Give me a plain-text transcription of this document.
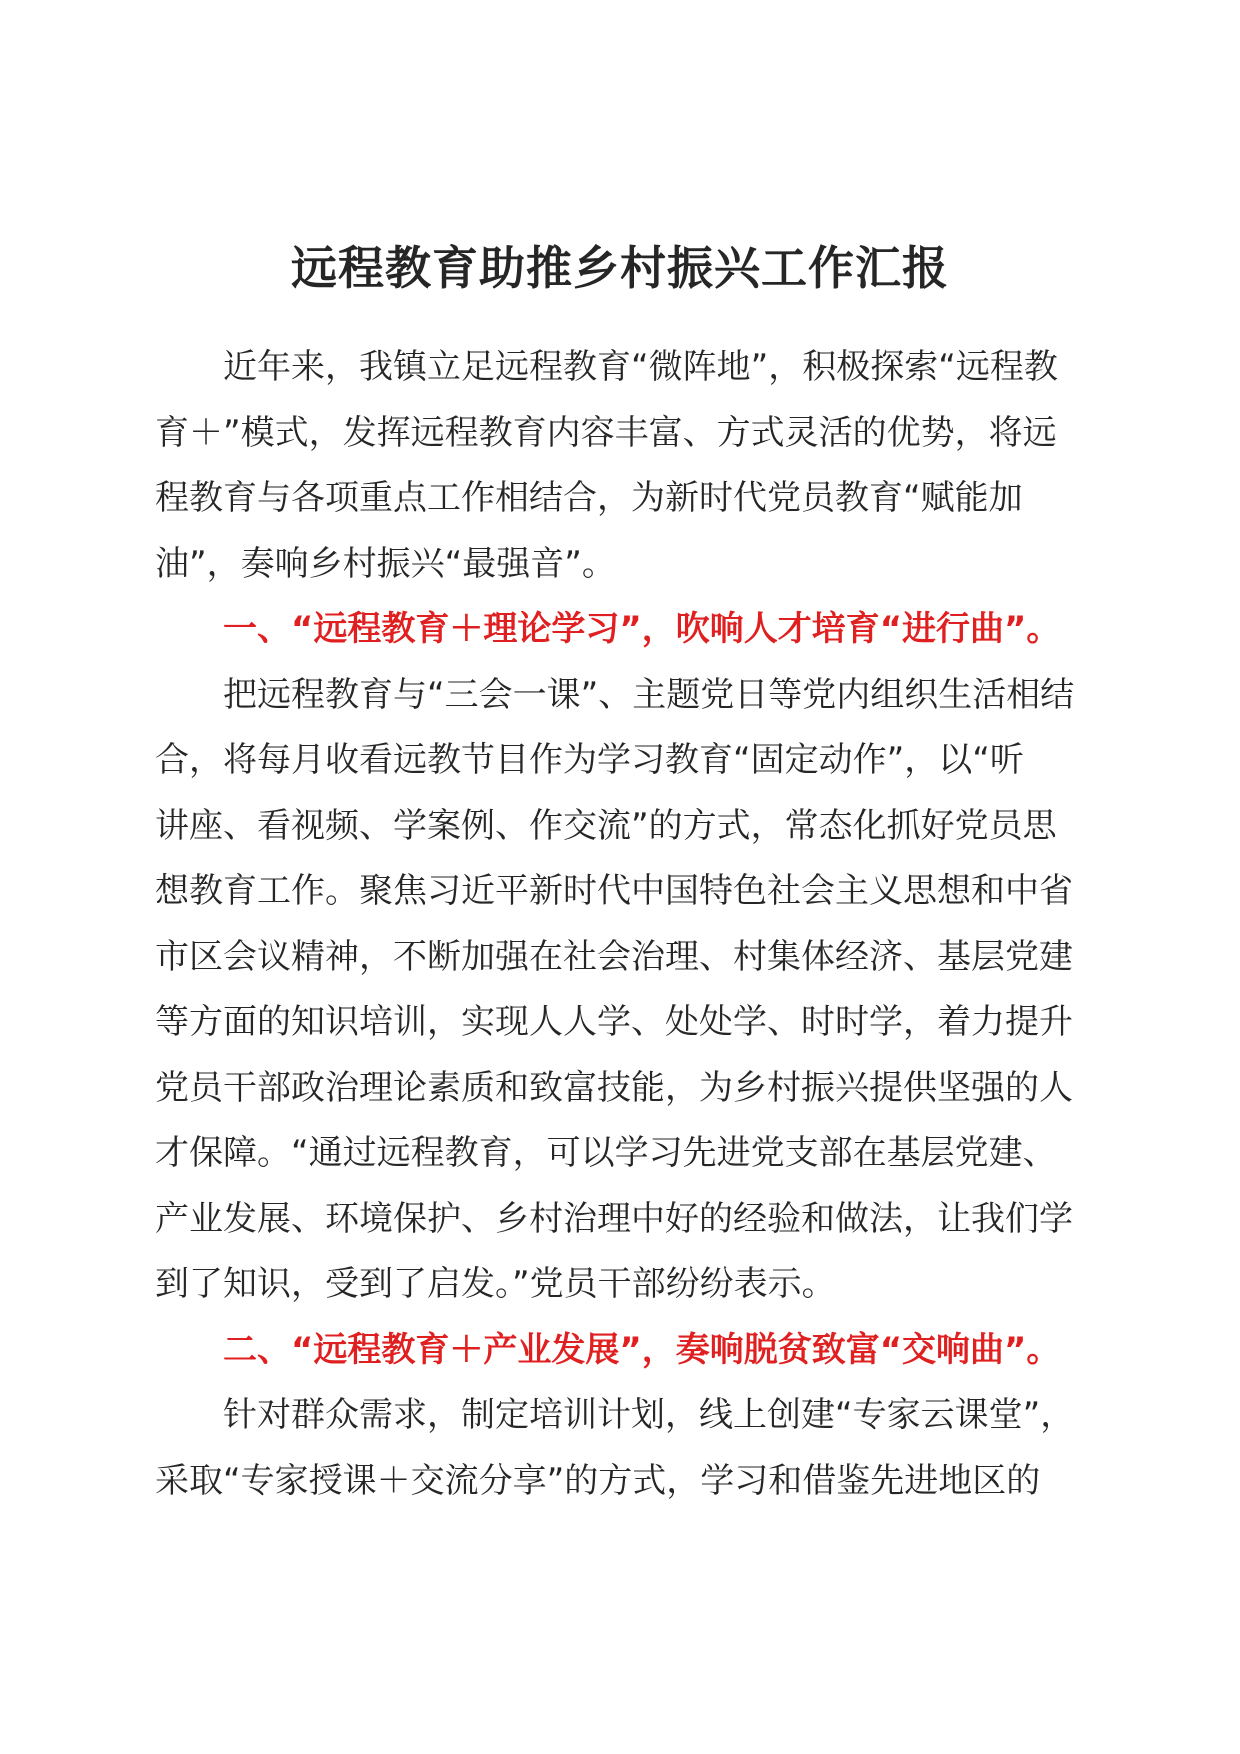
远程教育助推乡村振兴工作汇报
　　近年来，我镇立足远程教育“微阵地”，积极探索“远程教
育＋”模式，发挥远程教育内容丰富、方式灵活的优势，将远
程教育与各项重点工作相结合，为新时代党员教育“赋能加
油”，奏响乡村振兴“最强音”。
　　一、“远程教育＋理论学习”，吹响人才培育“进行曲”。
　　把远程教育与“三会一课”、主题党日等党内组织生活相结
合，将每月收看远教节目作为学习教育“固定动作”，以“听
讲座、看视频、学案例、作交流”的方式，常态化抓好党员思
想教育工作。聚焦习近平新时代中国特色社会主义思想和中省
市区会议精神，不断加强在社会治理、村集体经济、基层党建
等方面的知识培训，实现人人学、处处学、时时学，着力提升
党员干部政治理论素质和致富技能，为乡村振兴提供坚强的人
才保障。“通过远程教育，可以学习先进党支部在基层党建、
产业发展、环境保护、乡村治理中好的经验和做法，让我们学
到了知识，受到了启发。”党员干部纷纷表示。
　　二、“远程教育＋产业发展”，奏响脱贫致富“交响曲”。
　　针对群众需求，制定培训计划，线上创建“专家云课堂”，
采取“专家授课＋交流分享”的方式，学习和借鉴先进地区的
